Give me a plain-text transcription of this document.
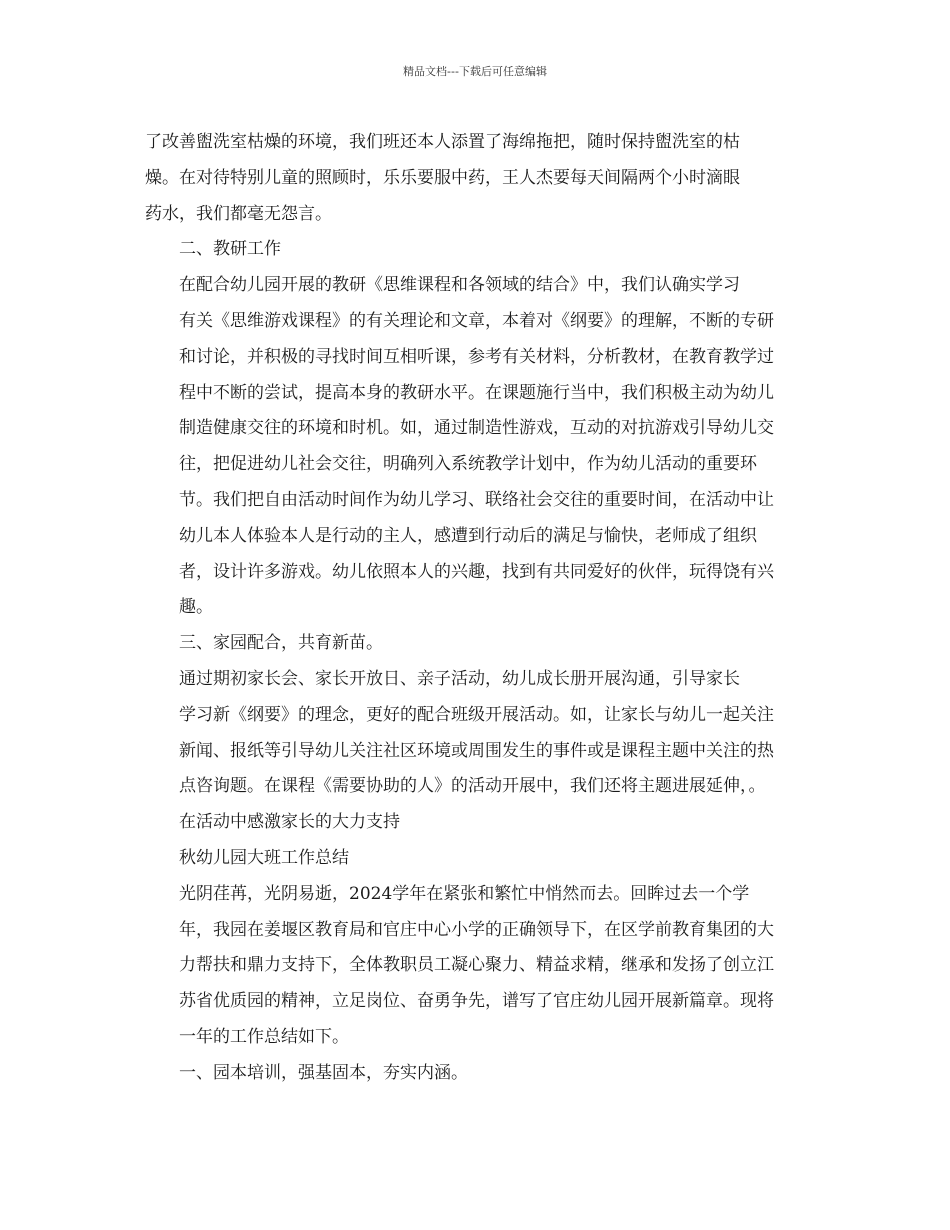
精品文档---下载后可任意编辑

了改善盥洗室枯燥的环境，我们班还本人添置了海绵拖把，随时保持盥洗室的枯
燥。在对待特别儿童的照顾时，乐乐要服中药，王人杰要每天间隔两个小时滴眼
药水，我们都毫无怨言。

二、教研工作

在配合幼儿园开展的教研《思维课程和各领域的结合》中，我们认确实学习
有关《思维游戏课程》的有关理论和文章，本着对《纲要》的理解，不断的专研
和讨论，并积极的寻找时间互相听课，参考有关材料，分析教材，在教育教学过
程中不断的尝试，提高本身的教研水平。在课题施行当中，我们积极主动为幼儿
制造健康交往的环境和时机。如，通过制造性游戏，互动的对抗游戏引导幼儿交
往，把促进幼儿社会交往，明确列入系统教学计划中，作为幼儿活动的重要环
节。我们把自由活动时间作为幼儿学习、联络社会交往的重要时间，在活动中让
幼儿本人体验本人是行动的主人，感遭到行动后的满足与愉快，老师成了组织
者，设计许多游戏。幼儿依照本人的兴趣，找到有共同爱好的伙伴，玩得饶有兴
趣。

三、家园配合，共育新苗。

通过期初家长会、家长开放日、亲子活动，幼儿成长册开展沟通，引导家长
学习新《纲要》的理念，更好的配合班级开展活动。如，让家长与幼儿一起关注
新闻、报纸等引导幼儿关注社区环境或周围发生的事件或是课程主题中关注的热
点咨询题。在课程《需要协助的人》的活动开展中，我们还将主题进展延伸，。
在活动中感激家长的大力支持

秋幼儿园大班工作总结

光阴荏苒，光阴易逝，2024学年在紧张和繁忙中悄然而去。回眸过去一个学
年，我园在姜堰区教育局和官庄中心小学的正确领导下，在区学前教育集团的大
力帮扶和鼎力支持下，全体教职员工凝心聚力、精益求精，继承和发扬了创立江
苏省优质园的精神，立足岗位、奋勇争先，谱写了官庄幼儿园开展新篇章。现将
一年的工作总结如下。

一、园本培训，强基固本，夯实内涵。
